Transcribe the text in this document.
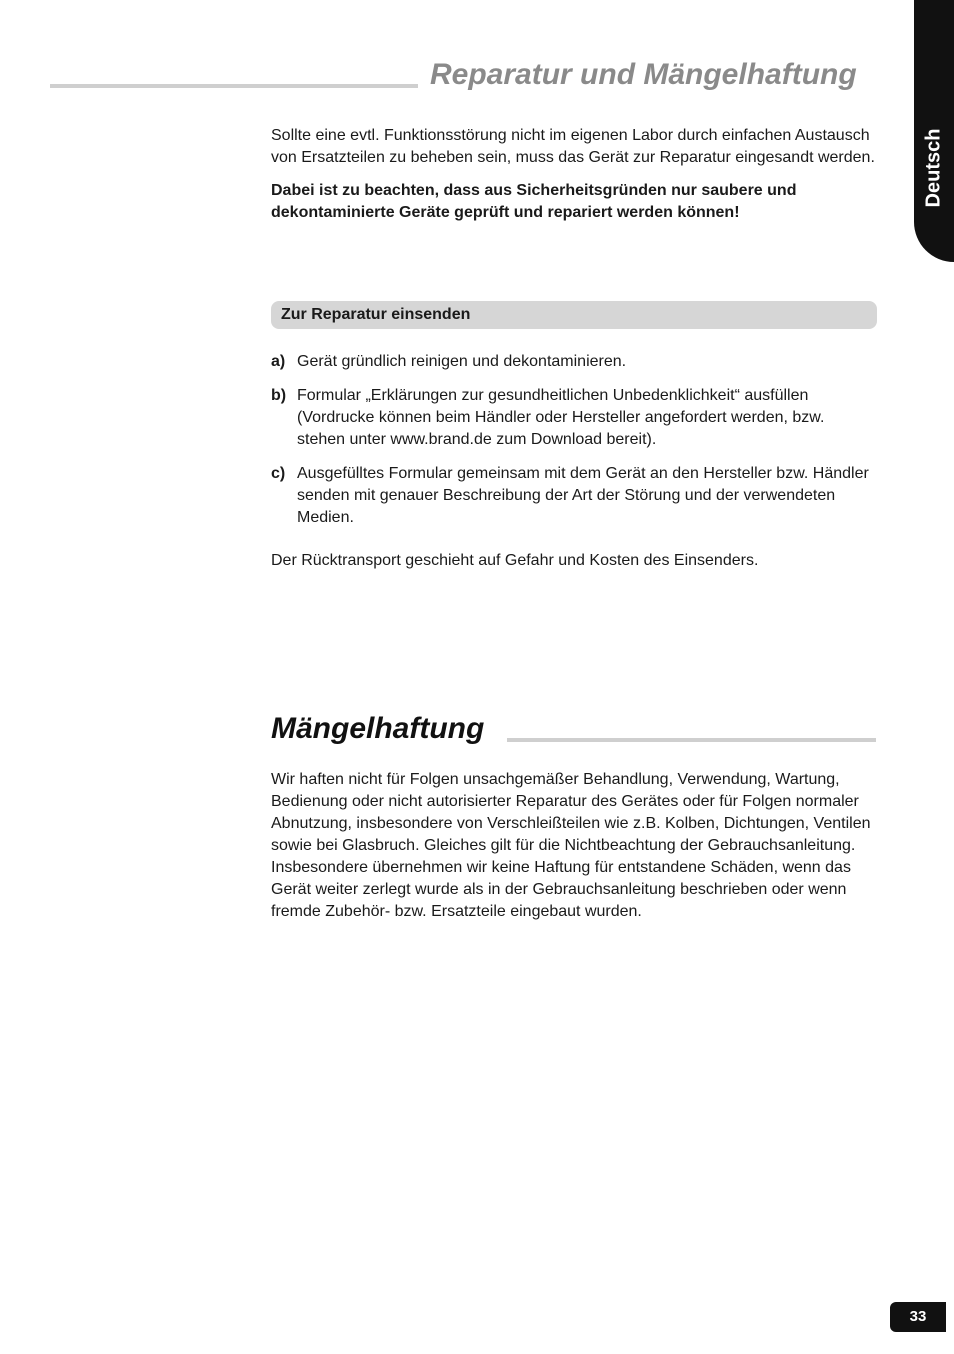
Reparatur und Mängelhaftung
Deutsch

Sollte eine evtl. Funktionsstörung nicht im eigenen Labor durch einfachen Austausch von Ersatzteilen zu beheben sein, muss das Gerät zur Reparatur eingesandt werden.

Dabei ist zu beachten, dass aus Sicherheitsgründen nur saubere und dekontaminierte Geräte geprüft und repariert werden können!

Zur Reparatur einsenden
a) Gerät gründlich reinigen und dekontaminieren.
b) Formular „Erklärungen zur gesundheitlichen Unbedenklichkeit“ ausfüllen (Vordrucke können beim Händler oder Hersteller angefordert werden, bzw. stehen unter www.brand.de zum Download bereit).
c) Ausgefülltes Formular gemeinsam mit dem Gerät an den Hersteller bzw. Händler senden mit genauer Beschreibung der Art der Störung und der verwendeten Medien.
Der Rücktransport geschieht auf Gefahr und Kosten des Einsenders.
Mängelhaftung
Wir haften nicht für Folgen unsachgemäßer Behandlung, Verwendung, Wartung, Bedienung oder nicht autorisierter Reparatur des Gerätes oder für Folgen normaler Abnutzung, insbesondere von Verschleißteilen wie z.B. Kolben, Dichtungen, Ventilen sowie bei Glasbruch. Gleiches gilt für die Nichtbeachtung der Gebrauchsanleitung. Insbesondere übernehmen wir keine Haftung für entstandene Schäden, wenn das Gerät weiter zerlegt wurde als in der Gebrauchsanleitung beschrieben oder wenn fremde Zubehör- bzw. Ersatzteile eingebaut wurden.
33
